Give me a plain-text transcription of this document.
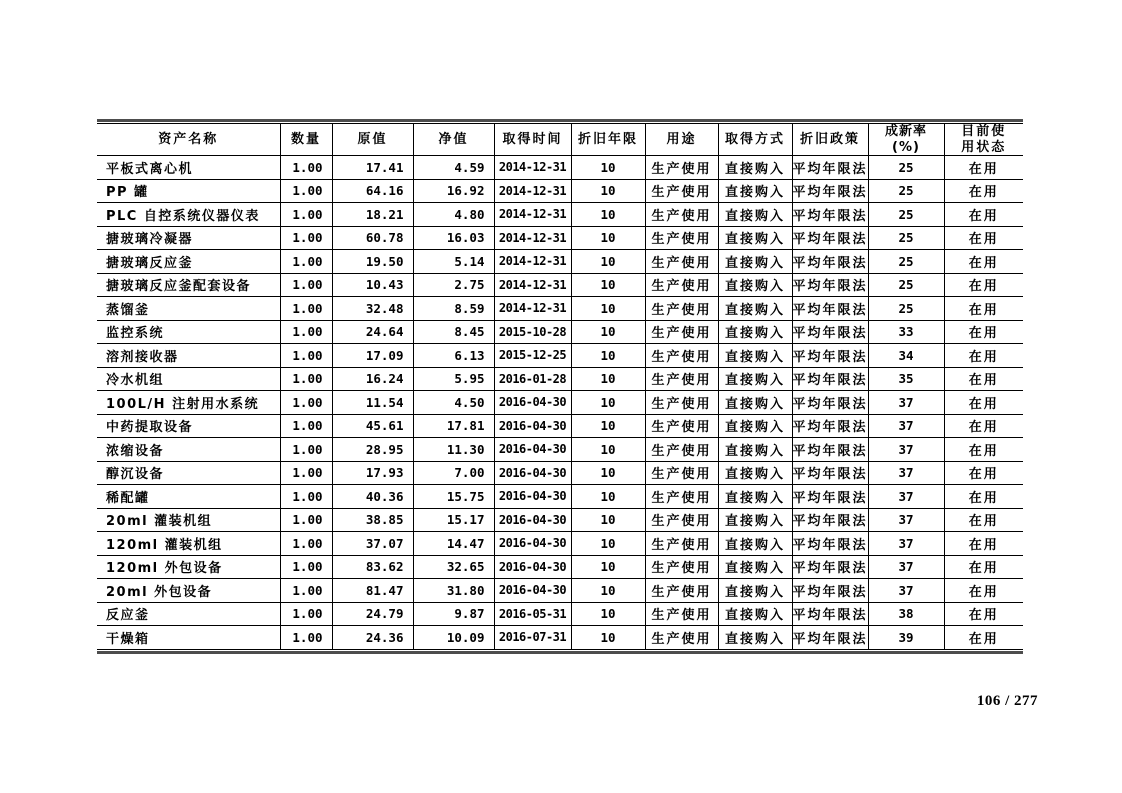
资产名称	数量	原值	净值	取得时间	折旧年限	用途	取得方式	折旧政策	成新率 (%)	目前使用状态
平板式离心机	1.00	17.41	4.59	2014-12-31	10	生产使用	直接购入	平均年限法	25	在用
PP 罐	1.00	64.16	16.92	2014-12-31	10	生产使用	直接购入	平均年限法	25	在用
PLC 自控系统仪器仪表	1.00	18.21	4.80	2014-12-31	10	生产使用	直接购入	平均年限法	25	在用
搪玻璃冷凝器	1.00	60.78	16.03	2014-12-31	10	生产使用	直接购入	平均年限法	25	在用
搪玻璃反应釜	1.00	19.50	5.14	2014-12-31	10	生产使用	直接购入	平均年限法	25	在用
搪玻璃反应釜配套设备	1.00	10.43	2.75	2014-12-31	10	生产使用	直接购入	平均年限法	25	在用
蒸馏釜	1.00	32.48	8.59	2014-12-31	10	生产使用	直接购入	平均年限法	25	在用
监控系统	1.00	24.64	8.45	2015-10-28	10	生产使用	直接购入	平均年限法	33	在用
溶剂接收器	1.00	17.09	6.13	2015-12-25	10	生产使用	直接购入	平均年限法	34	在用
冷水机组	1.00	16.24	5.95	2016-01-28	10	生产使用	直接购入	平均年限法	35	在用
100L/H 注射用水系统	1.00	11.54	4.50	2016-04-30	10	生产使用	直接购入	平均年限法	37	在用
中药提取设备	1.00	45.61	17.81	2016-04-30	10	生产使用	直接购入	平均年限法	37	在用
浓缩设备	1.00	28.95	11.30	2016-04-30	10	生产使用	直接购入	平均年限法	37	在用
醇沉设备	1.00	17.93	7.00	2016-04-30	10	生产使用	直接购入	平均年限法	37	在用
稀配罐	1.00	40.36	15.75	2016-04-30	10	生产使用	直接购入	平均年限法	37	在用
20ml 灌装机组	1.00	38.85	15.17	2016-04-30	10	生产使用	直接购入	平均年限法	37	在用
120ml 灌装机组	1.00	37.07	14.47	2016-04-30	10	生产使用	直接购入	平均年限法	37	在用
120ml 外包设备	1.00	83.62	32.65	2016-04-30	10	生产使用	直接购入	平均年限法	37	在用
20ml 外包设备	1.00	81.47	31.80	2016-04-30	10	生产使用	直接购入	平均年限法	37	在用
反应釜	1.00	24.79	9.87	2016-05-31	10	生产使用	直接购入	平均年限法	38	在用
干燥箱	1.00	24.36	10.09	2016-07-31	10	生产使用	直接购入	平均年限法	39	在用
106 / 277
